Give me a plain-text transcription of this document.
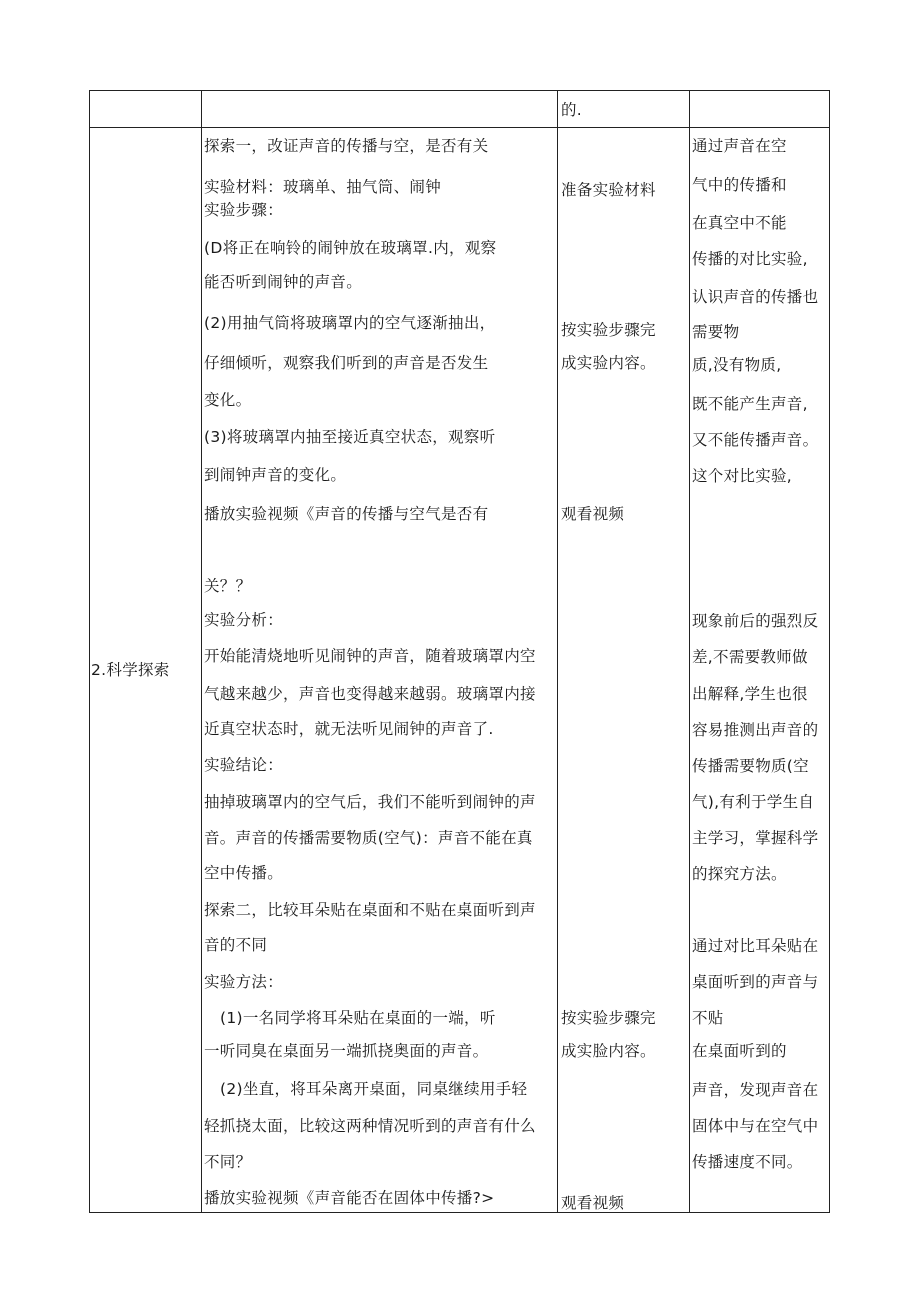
的.
2.科学探索
探索一，改证声音的传播与空，是否有关
实验材料：玻璃单、抽气筒、闹钟
实验步骤：
(D将正在响铃的闹钟放在玻璃罩.内，观察
能否听到闹钟的声音。
(2)用抽气筒将玻璃罩内的空气逐渐抽出，
仔细倾听，观察我们听到的声音是否发生
变化。
(3)将玻璃罩内抽至接近真空状态，观察听
到闹钟声音的变化。
播放实验视频《声音的传播与空气是否有
关？？
实验分析：
开始能清烧地听见闹钟的声音，随着玻璃罩内空
气越来越少，声音也变得越来越弱。玻璃罩内接
近真空状态时，就无法听见闹钟的声音了.
实验结论：
抽掉玻璃罩内的空气后，我们不能听到闹钟的声
音。声音的传播需要物质(空气)：声音不能在真
空中传播。
探索二，比较耳朵贴在桌面和不贴在桌面听到声
音的不同
实验方法：
(1)一名同学将耳朵贴在桌面的一端，听
一听同臭在桌面另一端抓挠奥面的声音。
(2)坐直，将耳朵离开桌面，同桌继续用手轻
轻抓挠太面，比较这两种情况听到的声音有什么
不同？
播放实验视频《声音能否在固体中传播?>
准备实验材料
按实验步骤完
成实验内容。
观看视频
按实验步骤完
成实脸内容。
观看视频
通过声音在空
气中的传播和
在真空中不能
传播的对比实验,
认识声音的传播也
需要物
质,没有物质,
既不能产生声音,
又不能传播声音。
这个对比实验,
现象前后的强烈反
差,不需要教师做
出解释,学生也很
容易推测出声音的
传播需要物质(空
气),有利于学生自
主学习，掌握科学
的探究方法。
通过对比耳朵贴在
桌面听到的声音与
不贴
在桌面听到的
声音，发现声音在
固体中与在空气中
传播速度不同。
